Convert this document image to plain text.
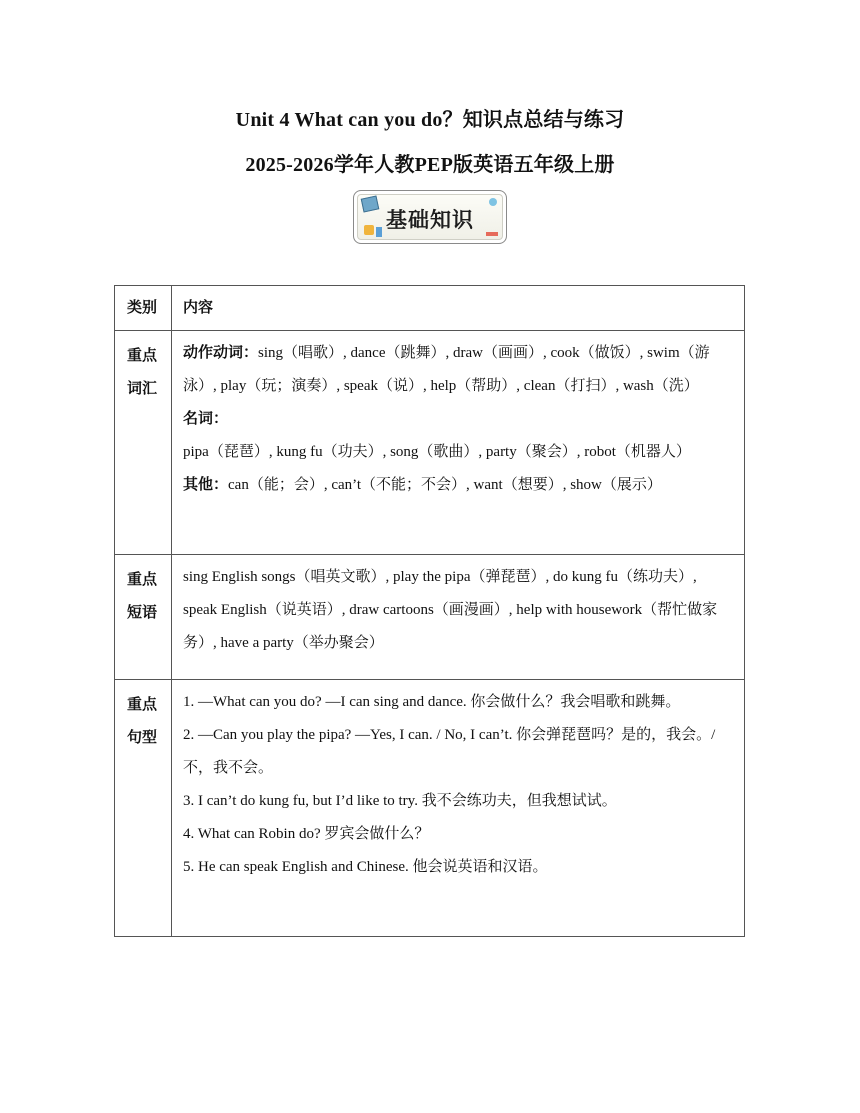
Unit 4 What can you do？知识点总结与练习
2025-2026学年人教PEP版英语五年级上册
基础知识
类别	内容

重点词汇	动作动词：sing（唱歌）, dance（跳舞）, draw（画画）, cook（做饭）, swim（游泳）, play（玩；演奏）, speak（说）, help（帮助）, clean（打扫）, wash（洗）
名词：pipa（琵琶）, kung fu（功夫）, song（歌曲）, party（聚会）, robot（机器人）
其他：can（能；会）, can’t（不能；不会）, want（想要）, show（展示）

重点短语	sing English songs（唱英文歌）, play the pipa（弹琵琶）, do kung fu（练功夫）, speak English（说英语）, draw cartoons（画漫画）, help with housework（帮忙做家务）, have a party（举办聚会）

重点句型	1. —What can you do? —I can sing and dance. 你会做什么？我会唱歌和跳舞。
2. —Can you play the pipa? —Yes, I can. / No, I can’t. 你会弹琵琶吗？是的，我会。/ 不，我不会。
3. I can’t do kung fu, but I’d like to try. 我不会练功夫，但我想试试。
4. What can Robin do? 罗宾会做什么？
5. He can speak English and Chinese. 他会说英语和汉语。
